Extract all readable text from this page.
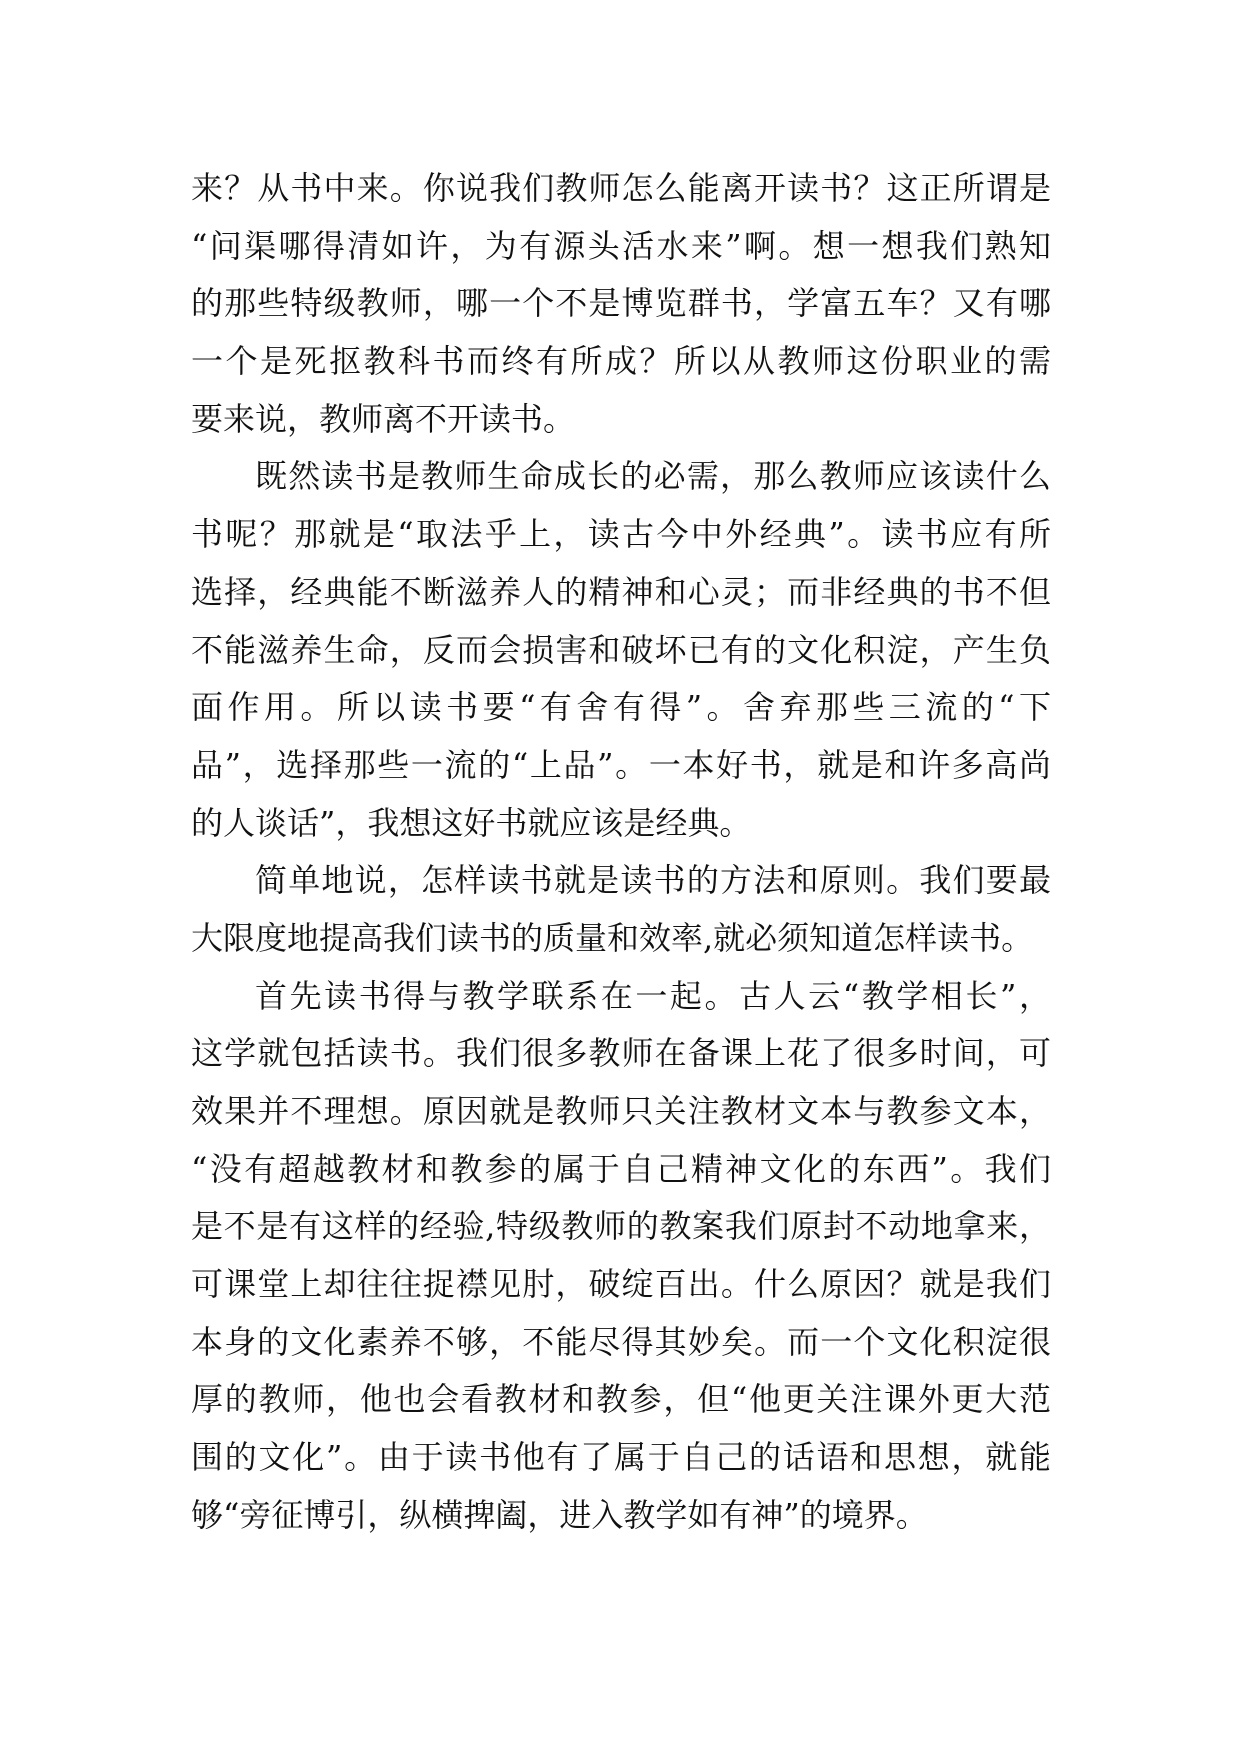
来？从书中来。你说我们教师怎么能离开读书？这正所谓是
“问渠哪得清如许，为有源头活水来”啊。想一想我们熟知
的那些特级教师，哪一个不是博览群书，学富五车？又有哪
一个是死抠教科书而终有所成？所以从教师这份职业的需
要来说，教师离不开读书。
既然读书是教师生命成长的必需，那么教师应该读什么
书呢？那就是“取法乎上，读古今中外经典”。读书应有所
选择，经典能不断滋养人的精神和心灵；而非经典的书不但
不能滋养生命，反而会损害和破坏已有的文化积淀，产生负
面作用。所以读书要“有舍有得”。舍弃那些三流的“下
品”，选择那些一流的“上品”。一本好书，就是和许多高尚
的人谈话”，我想这好书就应该是经典。
简单地说，怎样读书就是读书的方法和原则。我们要最
大限度地提高我们读书的质量和效率,就必须知道怎样读书。
首先读书得与教学联系在一起。古人云“教学相长”，
这学就包括读书。我们很多教师在备课上花了很多时间，可
效果并不理想。原因就是教师只关注教材文本与教参文本，
“没有超越教材和教参的属于自己精神文化的东西”。我们
是不是有这样的经验,特级教师的教案我们原封不动地拿来，
可课堂上却往往捉襟见肘，破绽百出。什么原因？就是我们
本身的文化素养不够，不能尽得其妙矣。而一个文化积淀很
厚的教师，他也会看教材和教参，但“他更关注课外更大范
围的文化”。由于读书他有了属于自己的话语和思想，就能
够“旁征博引，纵横捭阖，进入教学如有神”的境界。
